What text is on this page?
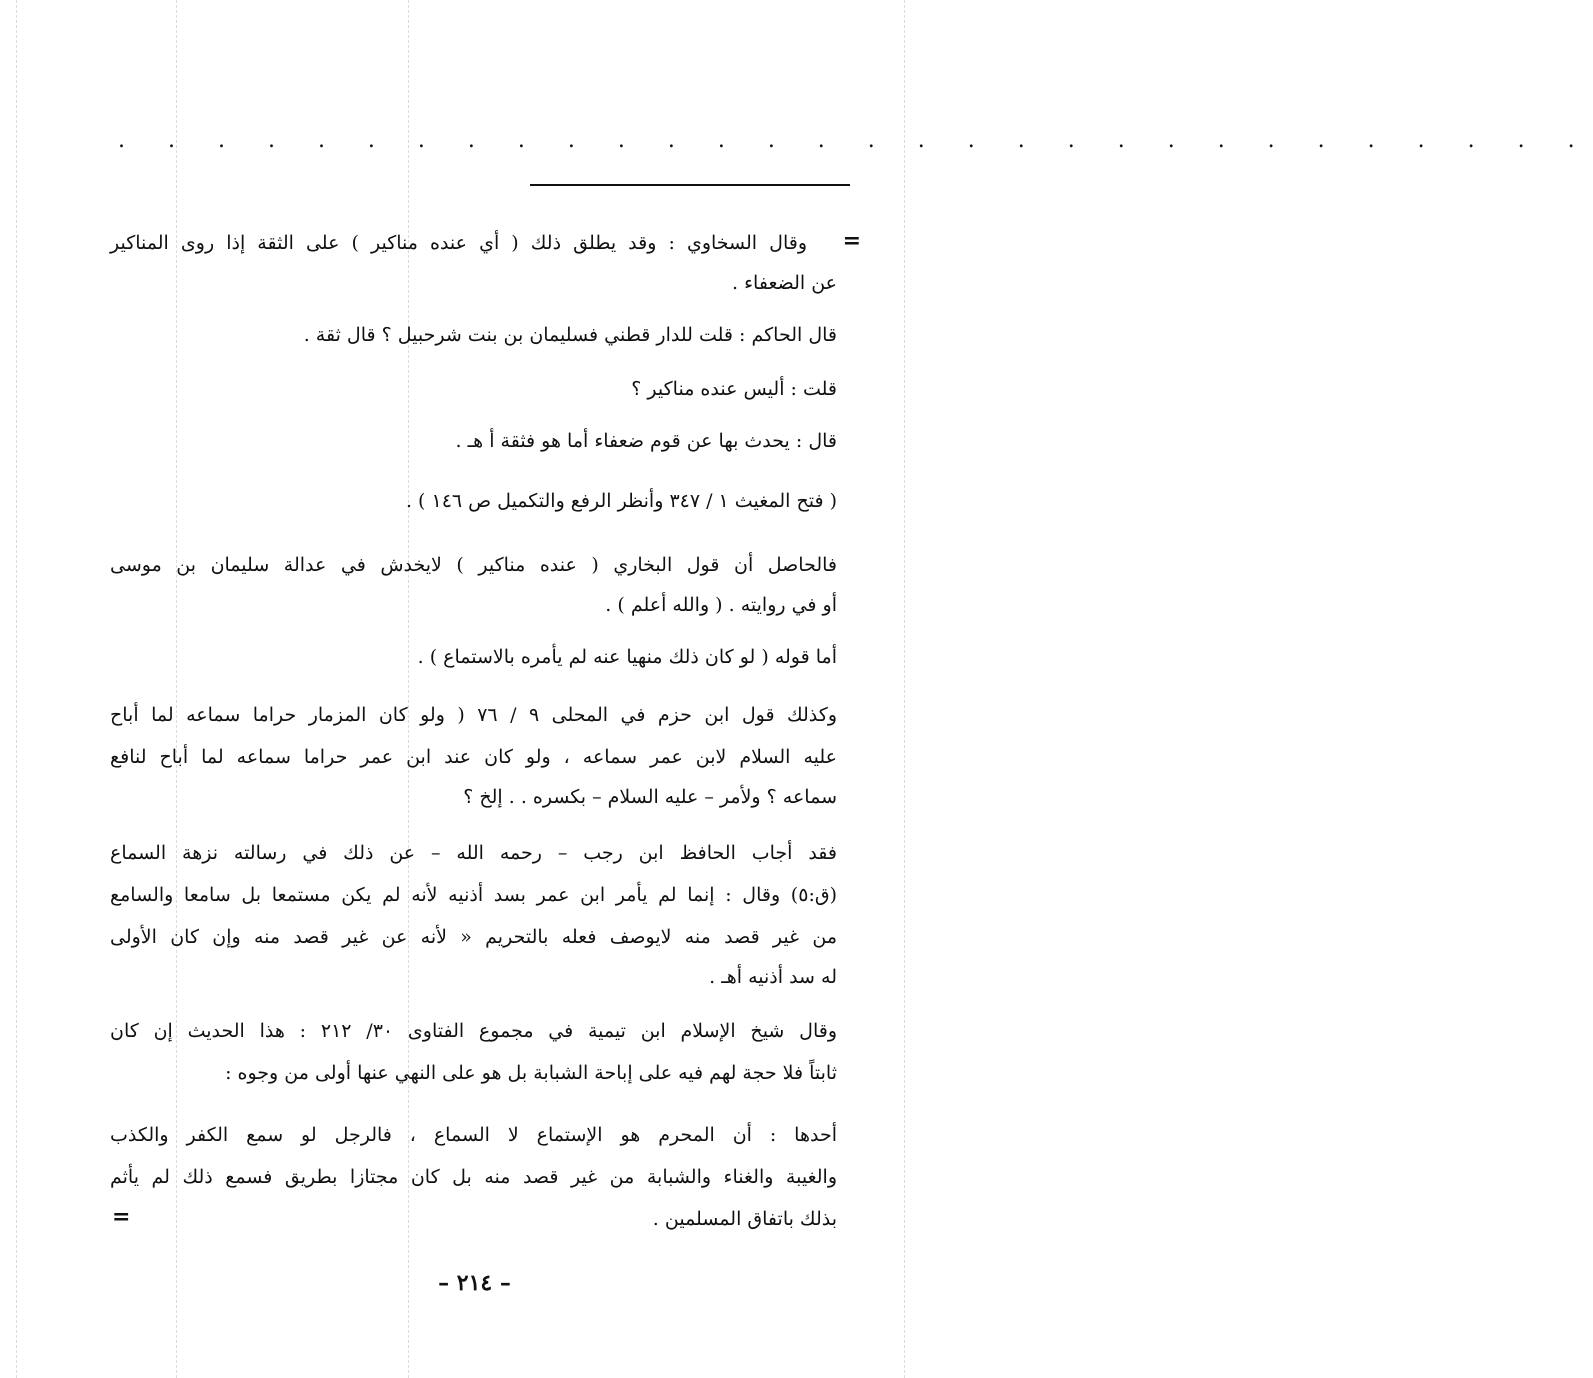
. . . . . . . . . . . . . . . . . . . . . . . . . . . . . .
=
وقال السخاوي : وقد يطلق ذلك ( أي عنده مناكير ) على الثقة إذا روى المناكير
عن الضعفاء .
قال الحاكم : قلت للدار قطني فسليمان بن بنت شرحبيل ؟ قال ثقة .
قلت : أليس عنده مناكير ؟
قال : يحدث بها عن قوم ضعفاء أما هو فثقة أ هـ .
( فتح المغيث ١ / ٣٤٧ وأنظر الرفع والتكميل ص ١٤٦ ) .
فالحاصل أن قول البخاري ( عنده مناكير ) لايخدش في عدالة سليمان بن موسى
أو في روايته . ( والله أعلم ) .
أما قوله ( لو كان ذلك منهيا عنه لم يأمره بالاستماع ) .
وكذلك قول ابن حزم في المحلى ٩ / ٧٦ ( ولو كان المزمار حراما سماعه لما أباح
عليه السلام لابن عمر سماعه ، ولو كان عند ابن عمر حراما سماعه لما أباح لنافع
سماعه ؟ ولأمر – عليه السلام – بكسره . . إلخ ؟
فقد أجاب الحافظ ابن رجب – رحمه الله – عن ذلك في رسالته نزهة السماع
(ق:٥) وقال : إنما لم يأمر ابن عمر بسد أذنيه لأنه لم يكن مستمعا بل سامعا والسامع
من غير قصد منه لايوصف فعله بالتحريم « لأنه عن غير قصد منه وإن كان الأولى
له سد أذنيه أهـ .
وقال شيخ الإسلام ابن تيمية في مجموع الفتاوى ٣٠/ ٢١٢ : هذا الحديث إن كان
ثابتاً فلا حجة لهم فيه على إباحة الشبابة بل هو على النهي عنها أولى من وجوه :
أحدها : أن المحرم هو الإستماع لا السماع ، فالرجل لو سمع الكفر والكذب
والغيبة والغناء والشبابة من غير قصد منه بل كان مجتازا بطريق فسمع ذلك لم يأثم
بذلك باتفاق المسلمين .
=
– ٢١٤ –
